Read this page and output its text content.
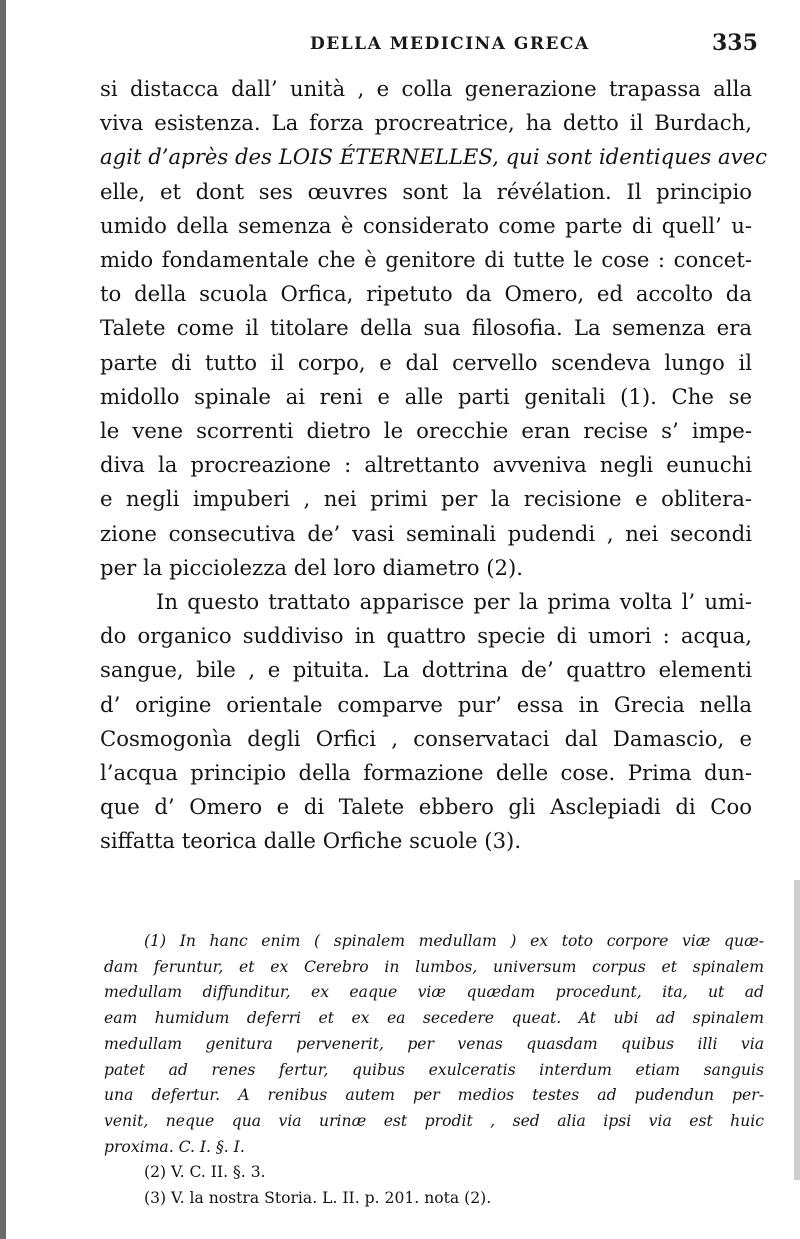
DELLA MEDICINA GRECA	335
si distacca dall’ unità , e colla generazione trapassa alla
viva esistenza. La forza procreatrice, ha detto il Burdach,
agit d’après des LOIS ÉTERNELLES, qui sont identiques avec
elle, et dont ses œuvres sont la révélation. Il principio
umido della semenza è considerato come parte di quell’ u-
mido fondamentale che è genitore di tutte le cose : concet-
to della scuola Orfica, ripetuto da Omero, ed accolto da
Talete come il titolare della sua filosofia. La semenza era
parte di tutto il corpo, e dal cervello scendeva lungo il
midollo spinale ai reni e alle parti genitali (1). Che se
le vene scorrenti dietro le orecchie eran recise s’ impe-
diva la procreazione : altrettanto avveniva negli eunuchi
e negli impuberi , nei primi per la recisione e oblitera-
zione consecutiva de’ vasi seminali pudendi , nei secondi
per la picciolezza del loro diametro (2).
In questo trattato apparisce per la prima volta l’ umi-
do organico suddiviso in quattro specie di umori : acqua,
sangue, bile , e pituita. La dottrina de’ quattro elementi
d’ origine orientale comparve pur’ essa in Grecia nella
Cosmogonìa degli Orfici , conservataci dal Damascio, e
l’acqua principio della formazione delle cose. Prima dun-
que d’ Omero e di Talete ebbero gli Asclepiadi di Coo
siffatta teorica dalle Orfiche scuole (3).
(1) In hanc enim ( spinalem medullam ) ex toto corpore viæ quæ-
dam feruntur, et ex Cerebro in lumbos, universum corpus et spinalem
medullam diffunditur, ex eaque viæ quædam procedunt, ita, ut ad
eam humidum deferri et ex ea secedere queat. At ubi ad spinalem
medullam genitura pervenerit, per venas quasdam quibus illi via
patet ad renes fertur, quibus exulceratis interdum etiam sanguis
una defertur. A renibus autem per medios testes ad pudendun per-
venit, neque qua via urinæ est prodit , sed alia ipsi via est huic
proxima. C. I. §. I.
(2) V. C. II. §. 3.
(3) V. la nostra Storia. L. II. p. 201. nota (2).
